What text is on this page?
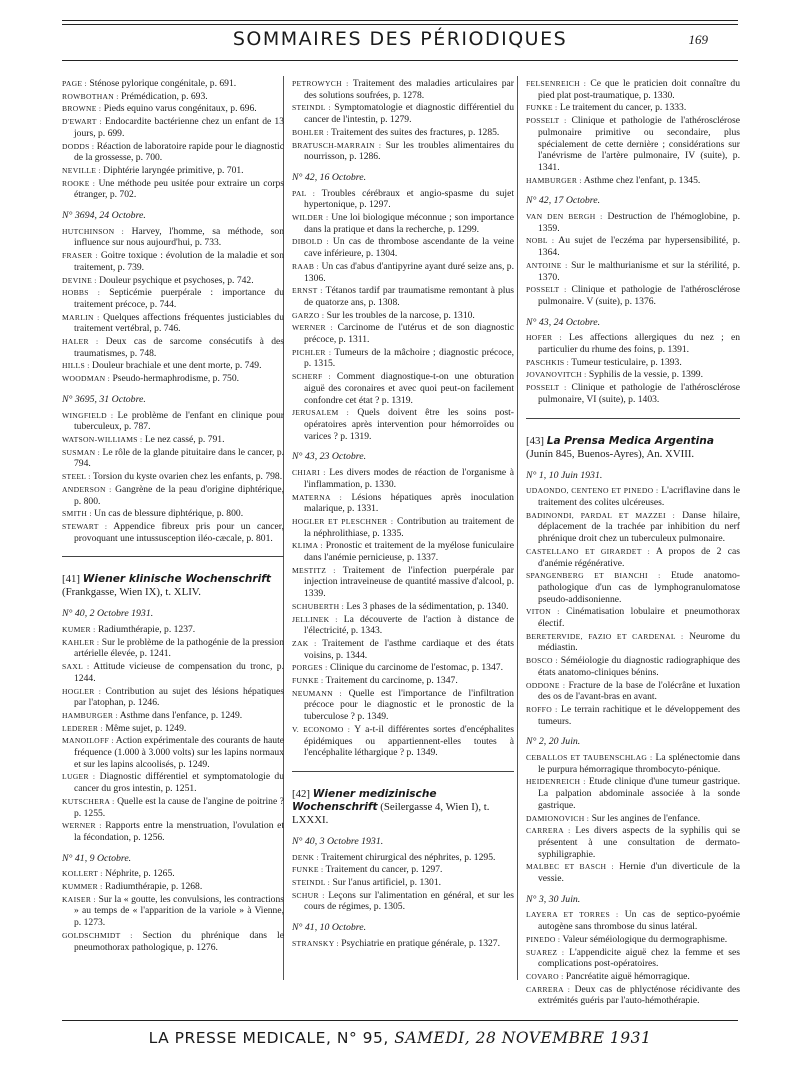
SOMMAIRES DES PÉRIODIQUES	169
PAGE : Sténose pylorique congénitale, p. 691.
ROWBOTHAN : Prémédication, p. 693.
BROWNE : Pieds equino varus congénitaux, p. 696.
D'EWART : Endocardite bactérienne chez un enfant de 13 jours, p. 699.
DODDS : Réaction de laboratoire rapide pour le diagnostic de la grossesse, p. 700.
NEVILLE : Diphtérie laryngée primitive, p. 701.
ROOKE : Une méthode peu usitée pour extraire un corps étranger, p. 702.
N° 3694, 24 Octobre.
HUTCHINSON : Harvey, l'homme, sa méthode, son influence sur nous aujourd'hui, p. 733.
FRASER : Goitre toxique : évolution de la maladie et son traitement, p. 739.
DEVINE : Douleur psychique et psychoses, p. 742.
HOBBS : Septicémie puerpérale : importance du traitement précoce, p. 744.
MARLIN : Quelques affections fréquentes justiciables du traitement vertébral, p. 746.
HALER : Deux cas de sarcome consécutifs à des traumatismes, p. 748.
HILLS : Douleur brachiale et une dent morte, p. 749.
WOODMAN : Pseudo-hermaphrodisme, p. 750.
N° 3695, 31 Octobre.
WINGFIELD : Le problème de l'enfant en clinique pour tuberculeux, p. 787.
WATSON-WILLIAMS : Le nez cassé, p. 791.
SUSMAN : Le rôle de la glande pituitaire dans le cancer, p. 794.
STEEL : Torsion du kyste ovarien chez les enfants, p. 798.
ANDERSON : Gangrène de la peau d'origine diphtérique, p. 800.
SMITH : Un cas de blessure diphtérique, p. 800.
STEWART : Appendice fibreux pris pour un cancer, provoquant une intussusception iléo-cæcale, p. 801.
[41] Wiener klinische Wochenschrift (Frankgasse, Wien IX), t. XLIV.
N° 40, 2 Octobre 1931.
KUMER : Radiumthérapie, p. 1237.
KAHLER : Sur le problème de la pathogénie de la pression artérielle élevée, p. 1241.
SAXL : Attitude vicieuse de compensation du tronc, p. 1244.
HOGLER : Contribution au sujet des lésions hépatiques par l'atophan, p. 1246.
HAMBURGER : Asthme dans l'enfance, p. 1249.
LEDERER : Même sujet, p. 1249.
MANOILOFF : Action expérimentale des courants de haute fréquence (1.000 à 3.000 volts) sur les lapins normaux et sur les lapins alcoolisés, p. 1249.
LUGER : Diagnostic différentiel et symptomatologie du cancer du gros intestin, p. 1251.
KUTSCHERA : Quelle est la cause de l'angine de poitrine ? p. 1255.
WERNER : Rapports entre la menstruation, l'ovulation et la fécondation, p. 1256.
N° 41, 9 Octobre.
KOLLERT : Néphrite, p. 1265.
KUMMER : Radiumthérapie, p. 1268.
KAISER : Sur la « goutte, les convulsions, les contractions » au temps de « l'apparition de la variole » à Vienne, p. 1273.
GOLDSCHMIDT : Section du phrénique dans le pneumothorax pathologique, p. 1276.
PETROWYCH : Traitement des maladies articulaires par des solutions soufrées, p. 1278.
STEINDL : Symptomatologie et diagnostic différentiel du cancer de l'intestin, p. 1279.
BOHLER : Traitement des suites des fractures, p. 1285.
BRATUSCH-MARRAIN : Sur les troubles alimentaires du nourrisson, p. 1286.
N° 42, 16 Octobre.
PAL : Troubles cérébraux et angio-spasme du sujet hypertonique, p. 1297.
WILDER : Une loi biologique méconnue ; son importance dans la pratique et dans la recherche, p. 1299.
DIBOLD : Un cas de thrombose ascendante de la veine cave inférieure, p. 1304.
RAAB : Un cas d'abus d'antipyrine ayant duré seize ans, p. 1306.
ERNST : Tétanos tardif par traumatisme remontant à plus de quatorze ans, p. 1308.
GARZO : Sur les troubles de la narcose, p. 1310.
WERNER : Carcinome de l'utérus et de son diagnostic précoce, p. 1311.
PICHLER : Tumeurs de la mâchoire ; diagnostic précoce, p. 1315.
SCHERF : Comment diagnostique-t-on une obturation aiguë des coronaires et avec quoi peut-on facilement confondre cet état ? p. 1319.
JERUSALEM : Quels doivent être les soins post-opératoires après intervention pour hémorroïdes ou varices ? p. 1319.
N° 43, 23 Octobre.
CHIARI : Les divers modes de réaction de l'organisme à l'inflammation, p. 1330.
MATERNA : Lésions hépatiques après inoculation malarique, p. 1331.
HOGLER ET PLESCHNER : Contribution au traitement de la néphrolithiase, p. 1335.
KLIMA : Pronostic et traitement de la myélose funiculaire dans l'anémie pernicieuse, p. 1337.
MESTITZ : Traitement de l'infection puerpérale par injection intraveineuse de quantité massive d'alcool, p. 1339.
SCHUBERTH : Les 3 phases de la sédimentation, p. 1340.
JELLINEK : La découverte de l'action à distance de l'électricité, p. 1343.
ZAK : Traitement de l'asthme cardiaque et des états voisins, p. 1344.
PORGES : Clinique du carcinome de l'estomac, p. 1347.
FUNKE : Traitement du carcinome, p. 1347.
NEUMANN : Quelle est l'importance de l'infiltration précoce pour le diagnostic et le pronostic de la tuberculose ? p. 1349.
V. ECONOMO : Y a-t-il différentes sortes d'encéphalites épidémiques ou appartiennent-elles toutes à l'encéphalite léthargique ? p. 1349.
[42] Wiener medizinische Wochenschrift (Seilergasse 4, Wien I), t. LXXXI.
N° 40, 3 Octobre 1931.
DENK : Traitement chirurgical des néphrites, p. 1295.
FUNKE : Traitement du cancer, p. 1297.
STEINDL : Sur l'anus artificiel, p. 1301.
SCHUR : Leçons sur l'alimentation en général, et sur les cours de régimes, p. 1305.
N° 41, 10 Octobre.
STRANSKY : Psychiatrie en pratique générale, p. 1327.
FELSENREICH : Ce que le praticien doit connaître du pied plat post-traumatique, p. 1330.
FUNKE : Le traitement du cancer, p. 1333.
POSSELT : Clinique et pathologie de l'athérosclérose pulmonaire primitive ou secondaire, plus spécialement de cette dernière ; considérations sur l'anévrisme de l'artère pulmonaire, IV (suite), p. 1341.
HAMBURGER : Asthme chez l'enfant, p. 1345.
N° 42, 17 Octobre.
VAN DEN BERGH : Destruction de l'hémoglobine, p. 1359.
NOBL : Au sujet de l'eczéma par hypersensibilité, p. 1364.
ANTOINE : Sur le malthurianisme et sur la stérilité, p. 1370.
POSSELT : Clinique et pathologie de l'athérosclérose pulmonaire. V (suite), p. 1376.
N° 43, 24 Octobre.
HOFER : Les affections allergiques du nez ; en particulier du rhume des foins, p. 1391.
PASCHKIS : Tumeur testiculaire, p. 1393.
JOVANOVITCH : Syphilis de la vessie, p. 1399.
POSSELT : Clinique et pathologie de l'athérosclérose pulmonaire, VI (suite), p. 1403.
[43] La Prensa Medica Argentina (Junín 845, Buenos-Ayres), An. XVIII.
N° 1, 10 Juin 1931.
UDAONDO, CENTENO ET PINEDO : L'acriflavine dans le traitement des colites ulcéreuses.
BADINONDI, PARDAL ET MAZZEI : Danse hilaire, déplacement de la trachée par inhibition du nerf phrénique droit chez un tuberculeux pulmonaire.
CASTELLANO ET GIRARDET : A propos de 2 cas d'anémie régénérative.
SPANGENBERG ET BIANCHI : Etude anatomo-pathologique d'un cas de lymphogranulomatose pseudo-addisonienne.
VITON : Cinématisation lobulaire et pneumothorax électif.
BERETERVIDE, FAZIO ET CARDENAL : Neurome du médiastin.
BOSCO : Séméiologie du diagnostic radiographique des états anatomo-cliniques bénins.
ODDONE : Fracture de la base de l'olécrâne et luxation des os de l'avant-bras en avant.
ROFFO : Le terrain rachitique et le développement des tumeurs.
N° 2, 20 Juin.
CEBALLOS ET TAUBENSCHLAG : La splénectomie dans le purpura hémorragique thrombocyto-pénique.
HEIDENREICH : Etude clinique d'une tumeur gastrique. La palpation abdominale associée à la sonde gastrique.
DAMIONOVICH : Sur les angines de l'enfance.
CARRERA : Les divers aspects de la syphilis qui se présentent à une consultation de dermato-syphiligraphie.
MALBEC ET BASCH : Hernie d'un diverticule de la vessie.
N° 3, 30 Juin.
LAYERA ET TORRES : Un cas de septico-pyoémie autogène sans thrombose du sinus latéral.
PINEDO : Valeur séméiologique du dermographisme.
SUAREZ : L'appendicite aiguë chez la femme et ses complications post-opératoires.
COVARO : Pancréatite aiguë hémorragique.
CARRERA : Deux cas de phlycténose récidivante des extrémités guéris par l'auto-hémothérapie.
LA PRESSE MEDICALE, N° 95, SAMEDI, 28 NOVEMBRE 1931
